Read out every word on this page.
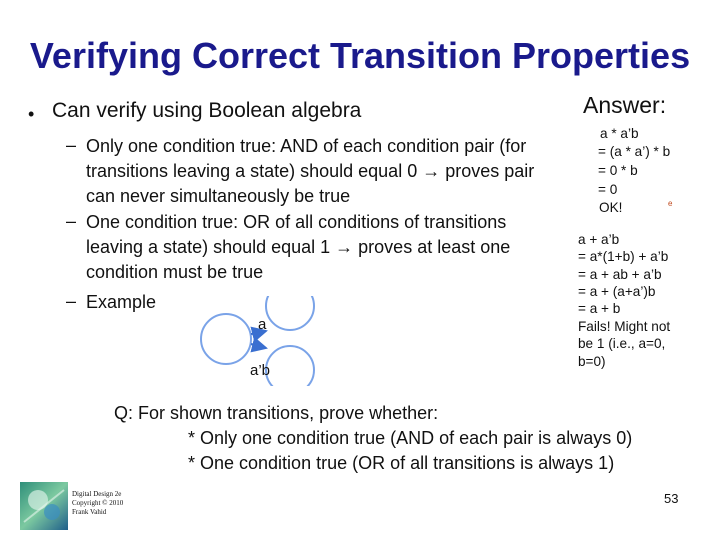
Verifying Correct Transition Properties
• Can verify using Boolean algebra
– Only one condition true: AND of each condition pair (for
transitions leaving a state) should equal 0 → proves pair
can never simultaneously be true
– One condition true: OR of all conditions of transitions
leaving a state) should equal 1 → proves at least one
condition must be true
– Example
a
a’b
Answer:
a * a’b
= (a * a’) * b
= 0 * b
= 0
OK!	e
a + a’b
= a*(1+b) + a’b
= a + ab + a’b
= a + (a+a’)b
= a + b
Fails! Might not
be 1 (i.e., a=0,
b=0)
Q: For shown transitions, prove whether:
* Only one condition true (AND of each pair is always 0)
* One condition true (OR of all transitions is always 1)
Digital Design 2e
Copyright © 2010
Frank Vahid
53
